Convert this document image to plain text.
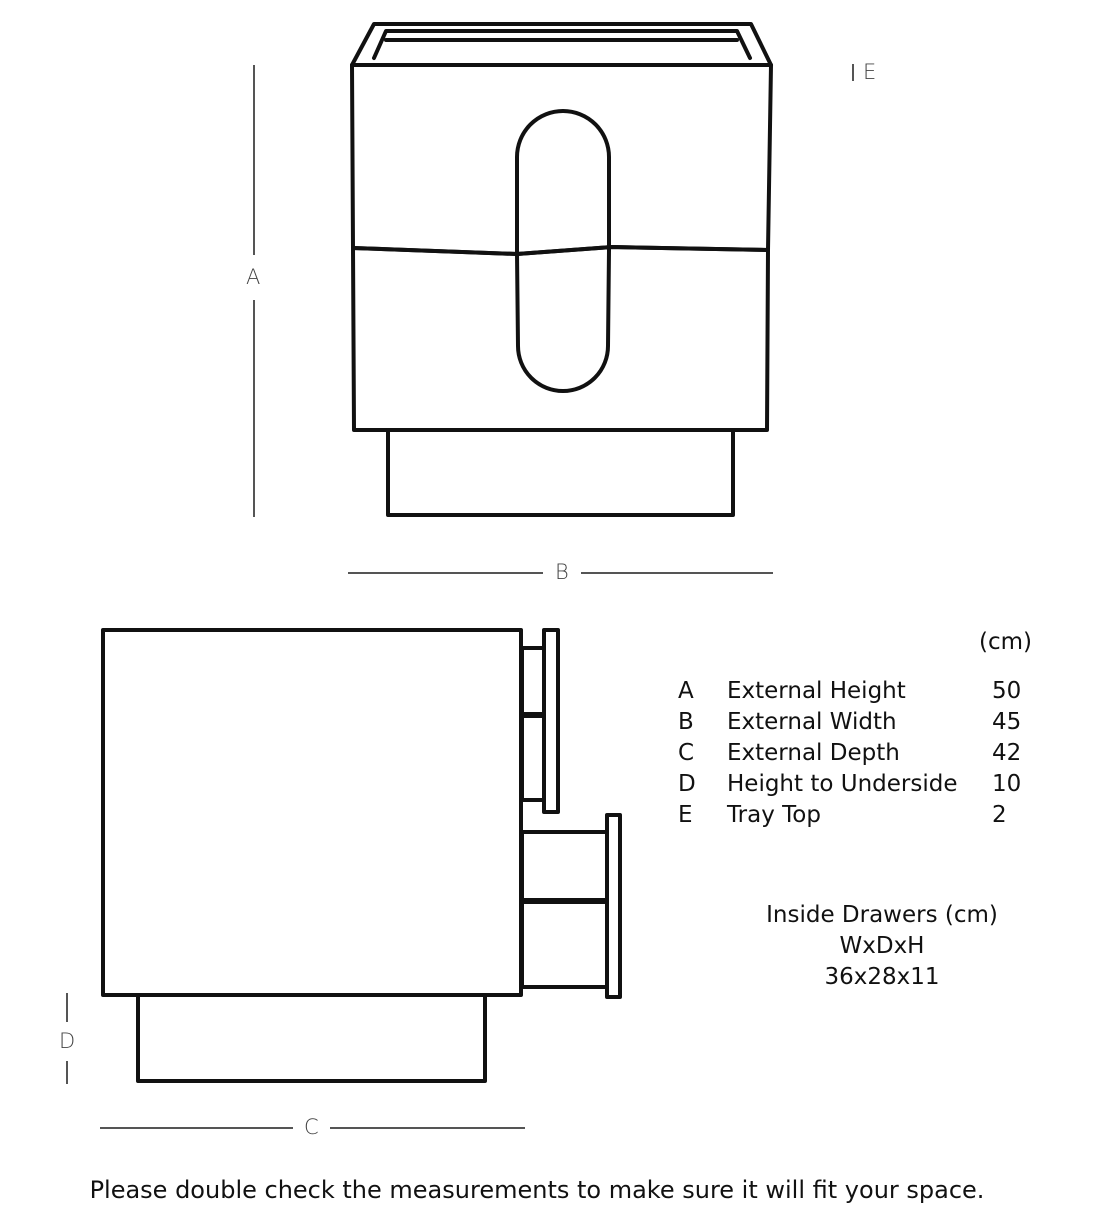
A
B
C
D
E
(cm)
A External Height	50
B External Width	45
C External Depth	42
D Height to Underside 10
E Tray Top	2
Inside Drawers (cm)
WxDxH
36x28x11
Please double check the measurements to make sure it will fit your space.
